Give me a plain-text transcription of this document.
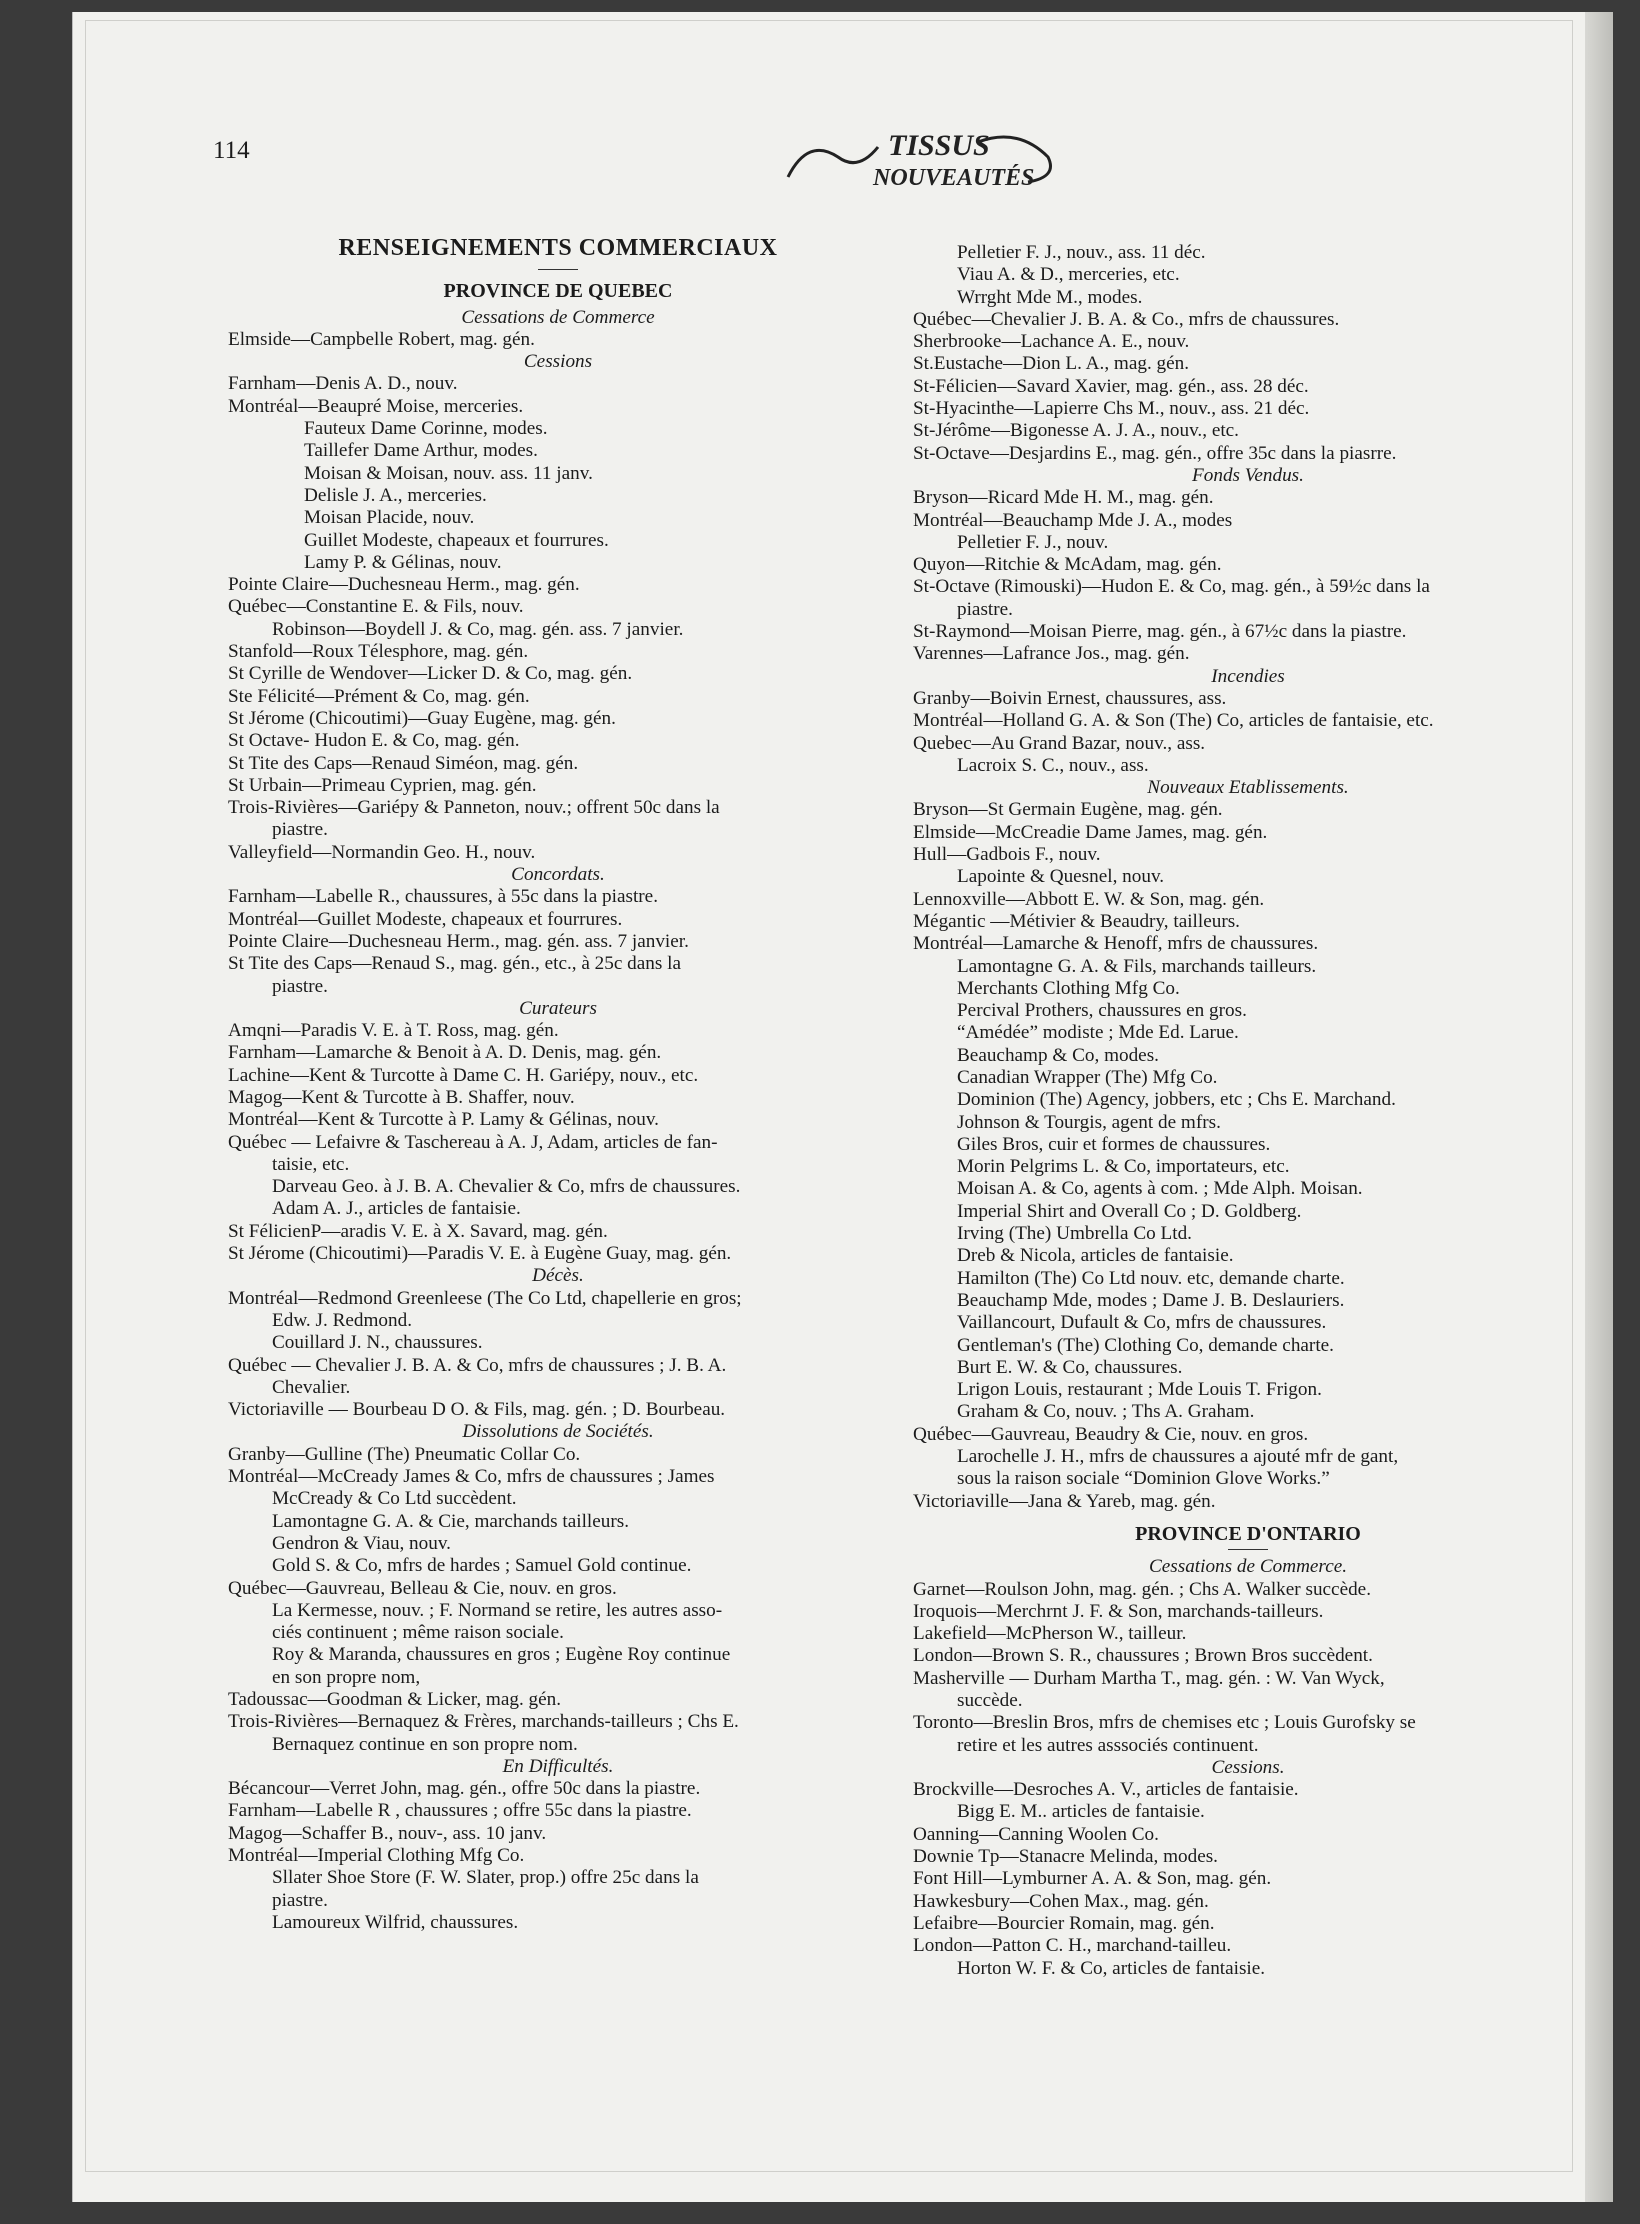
114	TISSUS
NOUVEAUTÉS
RENSEIGNEMENTS COMMERCIAUX
PROVINCE DE QUEBEC
Cessations de Commerce
Elmside—Campbelle Robert, mag. gén.
Cessions
Farnham—Denis A. D., nouv.
Montréal—Beaupré Moise, merceries.
Fauteux Dame Corinne, modes.
Taillefer Dame Arthur, modes.
Moisan & Moisan, nouv. ass. 11 janv.
Delisle J. A., merceries.
Moisan Placide, nouv.
Guillet Modeste, chapeaux et fourrures.
Lamy P. & Gélinas, nouv.
Pointe Claire—Duchesneau Herm., mag. gén.
Québec—Constantine E. & Fils, nouv.
Robinson—Boydell J. & Co, mag. gén. ass. 7 janvier.
Stanfold—Roux Télesphore, mag. gén.
St Cyrille de Wendover—Licker D. & Co, mag. gén.
Ste Félicité—Prément & Co, mag. gén.
St Jérome (Chicoutimi)—Guay Eugène, mag. gén.
St Octave- Hudon E. & Co, mag. gén.
St Tite des Caps—Renaud Siméon, mag. gén.
St Urbain—Primeau Cyprien, mag. gén.
Trois-Rivières—Gariépy & Panneton, nouv.; offrent 50c dans la
piastre.
Valleyfield—Normandin Geo. H., nouv.
Concordats.
Farnham—Labelle R., chaussures, à 55c dans la piastre.
Montréal—Guillet Modeste, chapeaux et fourrures.
Pointe Claire—Duchesneau Herm., mag. gén. ass. 7 janvier.
St Tite des Caps—Renaud S., mag. gén., etc., à 25c dans la
piastre.
Curateurs
Amqni—Paradis V. E. à T. Ross, mag. gén.
Farnham—Lamarche & Benoit à A. D. Denis, mag. gén.
Lachine—Kent & Turcotte à Dame C. H. Gariépy, nouv., etc.
Magog—Kent & Turcotte à B. Shaffer, nouv.
Montréal—Kent & Turcotte à P. Lamy & Gélinas, nouv.
Québec — Lefaivre & Taschereau à A. J, Adam, articles de fan-
taisie, etc.
Darveau Geo. à J. B. A. Chevalier & Co, mfrs de chaussures.
Adam A. J., articles de fantaisie.
St FélicienP—aradis V. E. à X. Savard, mag. gén.
St Jérome (Chicoutimi)—Paradis V. E. à Eugène Guay, mag. gén.
Décès.
Montréal—Redmond Greenleese (The Co Ltd, chapellerie en gros;
Edw. J. Redmond.
Couillard J. N., chaussures.
Québec — Chevalier J. B. A. & Co, mfrs de chaussures ; J. B. A.
Chevalier.
Victoriaville — Bourbeau D O. & Fils, mag. gén. ; D. Bourbeau.
Dissolutions de Sociétés.
Granby—Gulline (The) Pneumatic Collar Co.
Montréal—McCready James & Co, mfrs de chaussures ; James
McCready & Co Ltd succèdent.
Lamontagne G. A. & Cie, marchands tailleurs.
Gendron & Viau, nouv.
Gold S. & Co, mfrs de hardes ; Samuel Gold continue.
Québec—Gauvreau, Belleau & Cie, nouv. en gros.
La Kermesse, nouv. ; F. Normand se retire, les autres asso-
ciés continuent ; même raison sociale.
Roy & Maranda, chaussures en gros ; Eugène Roy continue
en son propre nom,
Tadoussac—Goodman & Licker, mag. gén.
Trois-Rivières—Bernaquez & Frères, marchands-tailleurs ; Chs E.
Bernaquez continue en son propre nom.
En Difficultés.
Bécancour—Verret John, mag. gén., offre 50c dans la piastre.
Farnham—Labelle R , chaussures ; offre 55c dans la piastre.
Magog—Schaffer B., nouv-, ass. 10 janv.
Montréal—Imperial Clothing Mfg Co.
Sllater Shoe Store (F. W. Slater, prop.) offre 25c dans la
piastre.
Lamoureux Wilfrid, chaussures.
Pelletier F. J., nouv., ass. 11 déc.
Viau A. & D., merceries, etc.
Wrrght Mde M., modes.
Québec—Chevalier J. B. A. & Co., mfrs de chaussures.
Sherbrooke—Lachance A. E., nouv.
St.Eustache—Dion L. A., mag. gén.
St-Félicien—Savard Xavier, mag. gén., ass. 28 déc.
St-Hyacinthe—Lapierre Chs M., nouv., ass. 21 déc.
St-Jérôme—Bigonesse A. J. A., nouv., etc.
St-Octave—Desjardins E., mag. gén., offre 35c dans la piasrre.
Fonds Vendus.
Bryson—Ricard Mde H. M., mag. gén.
Montréal—Beauchamp Mde J. A., modes
Pelletier F. J., nouv.
Quyon—Ritchie & McAdam, mag. gén.
St-Octave (Rimouski)—Hudon E. & Co, mag. gén., à 59½c dans la
piastre.
St-Raymond—Moisan Pierre, mag. gén., à 67½c dans la piastre.
Varennes—Lafrance Jos., mag. gén.
Incendies
Granby—Boivin Ernest, chaussures, ass.
Montréal—Holland G. A. & Son (The) Co, articles de fantaisie, etc.
Quebec—Au Grand Bazar, nouv., ass.
Lacroix S. C., nouv., ass.
Nouveaux Etablissements.
Bryson—St Germain Eugène, mag. gén.
Elmside—McCreadie Dame James, mag. gén.
Hull—Gadbois F., nouv.
Lapointe & Quesnel, nouv.
Lennoxville—Abbott E. W. & Son, mag. gén.
Mégantic —Métivier & Beaudry, tailleurs.
Montréal—Lamarche & Henoff, mfrs de chaussures.
Lamontagne G. A. & Fils, marchands tailleurs.
Merchants Clothing Mfg Co.
Percival Prothers, chaussures en gros.
“Amédée” modiste ; Mde Ed. Larue.
Beauchamp & Co, modes.
Canadian Wrapper (The) Mfg Co.
Dominion (The) Agency, jobbers, etc ; Chs E. Marchand.
Johnson & Tourgis, agent de mfrs.
Giles Bros, cuir et formes de chaussures.
Morin Pelgrims L. & Co, importateurs, etc.
Moisan A. & Co, agents à com. ; Mde Alph. Moisan.
Imperial Shirt and Overall Co ; D. Goldberg.
Irving (The) Umbrella Co Ltd.
Dreb & Nicola, articles de fantaisie.
Hamilton (The) Co Ltd nouv. etc, demande charte.
Beauchamp Mde, modes ; Dame J. B. Deslauriers.
Vaillancourt, Dufault & Co, mfrs de chaussures.
Gentleman's (The) Clothing Co, demande charte.
Burt E. W. & Co, chaussures.
Lrigon Louis, restaurant ; Mde Louis T. Frigon.
Graham & Co, nouv. ; Ths A. Graham.
Québec—Gauvreau, Beaudry & Cie, nouv. en gros.
Larochelle J. H., mfrs de chaussures a ajouté mfr de gant,
sous la raison sociale “Dominion Glove Works.”
Victoriaville—Jana & Yareb, mag. gén.
PROVINCE D'ONTARIO
Cessations de Commerce.
Garnet—Roulson John, mag. gén. ; Chs A. Walker succède.
Iroquois—Merchrnt J. F. & Son, marchands-tailleurs.
Lakefield—McPherson W., tailleur.
London—Brown S. R., chaussures ; Brown Bros succèdent.
Masherville — Durham Martha T., mag. gén. : W. Van Wyck,
succède.
Toronto—Breslin Bros, mfrs de chemises etc ; Louis Gurofsky se
retire et les autres asssociés continuent.
Cessions.
Brockville—Desroches A. V., articles de fantaisie.
Bigg E. M.. articles de fantaisie.
Oanning—Canning Woolen Co.
Downie Tp—Stanacre Melinda, modes.
Font Hill—Lymburner A. A. & Son, mag. gén.
Hawkesbury—Cohen Max., mag. gén.
Lefaibre—Bourcier Romain, mag. gén.
London—Patton C. H., marchand-tailleu.
Horton W. F. & Co, articles de fantaisie.
